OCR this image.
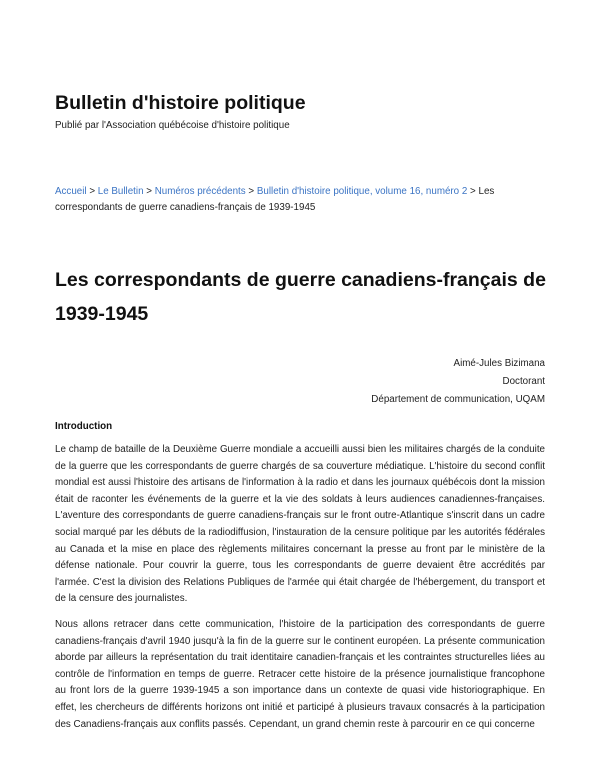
Bulletin d'histoire politique

Publié par l'Association québécoise d'histoire politique

Accueil > Le Bulletin > Numéros précédents > Bulletin d'histoire politique, volume 16, numéro 2 > Les correspondants de guerre canadiens-français de 1939-1945
Les correspondants de guerre canadiens-français de 1939-1945
Aimé-Jules Bizimana
Doctorant
Département de communication, UQAM
Introduction

Le champ de bataille de la Deuxième Guerre mondiale a accueilli aussi bien les militaires chargés de la conduite de la guerre que les correspondants de guerre chargés de sa couverture médiatique. L'histoire du second conflit mondial est aussi l'histoire des artisans de l'information à la radio et dans les journaux québécois dont la mission était de raconter les événements de la guerre et la vie des soldats à leurs audiences canadiennes-françaises. L'aventure des correspondants de guerre canadiens-français sur le front outre-Atlantique s'inscrit dans un cadre social marqué par les débuts de la radiodiffusion, l'instauration de la censure politique par les autorités fédérales au Canada et la mise en place des règlements militaires concernant la presse au front par le ministère de la défense nationale. Pour couvrir la guerre, tous les correspondants de guerre devaient être accrédités par l'armée. C'est la division des Relations Publiques de l'armée qui était chargée de l'hébergement, du transport et de la censure des journalistes.

Nous allons retracer dans cette communication, l'histoire de la participation des correspondants de guerre canadiens-français d'avril 1940 jusqu'à la fin de la guerre sur le continent européen. La présente communication aborde par ailleurs la représentation du trait identitaire canadien-français et les contraintes structurelles liées au contrôle de l'information en temps de guerre. Retracer cette histoire de la présence journalistique francophone au front lors de la guerre 1939-1945 a son importance dans un contexte de quasi vide historiographique. En effet, les chercheurs de différents horizons ont initié et participé à plusieurs travaux consacrés à la participation des Canadiens-français aux conflits passés. Cependant, un grand chemin reste à parcourir en ce qui concerne
